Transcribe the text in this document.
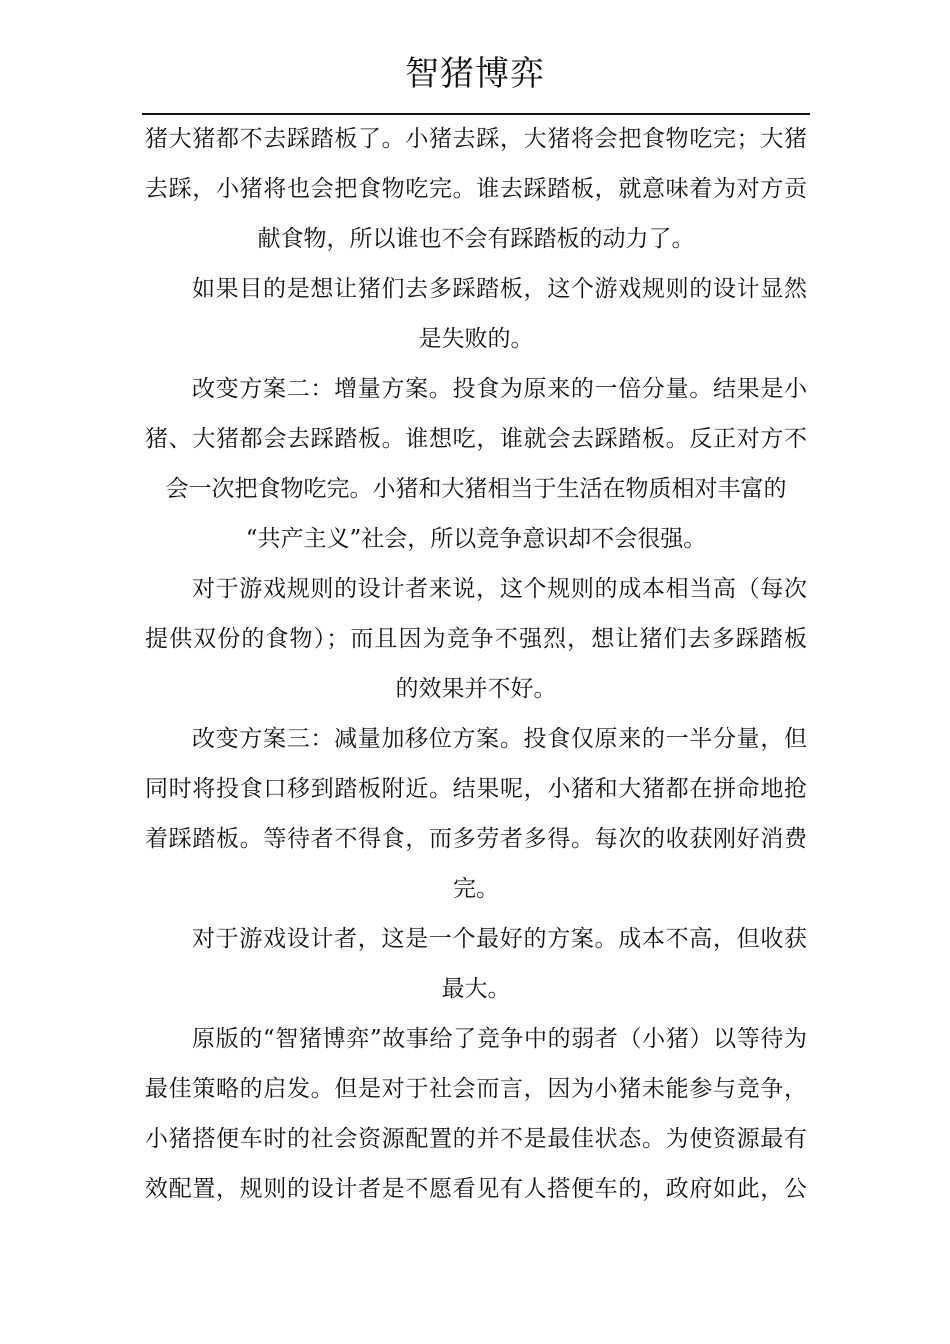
智猪博弈
猪大猪都不去踩踏板了。小猪去踩，大猪将会把食物吃完；大猪
去踩，小猪将也会把食物吃完。谁去踩踏板，就意味着为对方贡
献食物，所以谁也不会有踩踏板的动力了。
如果目的是想让猪们去多踩踏板，这个游戏规则的设计显然
是失败的。
改变方案二：增量方案。投食为原来的一倍分量。结果是小
猪、大猪都会去踩踏板。谁想吃，谁就会去踩踏板。反正对方不
会一次把食物吃完。小猪和大猪相当于生活在物质相对丰富的
“共产主义”社会，所以竞争意识却不会很强。
对于游戏规则的设计者来说，这个规则的成本相当高（每次
提供双份的食物）；而且因为竞争不强烈，想让猪们去多踩踏板
的效果并不好。
改变方案三：减量加移位方案。投食仅原来的一半分量，但
同时将投食口移到踏板附近。结果呢，小猪和大猪都在拼命地抢
着踩踏板。等待者不得食，而多劳者多得。每次的收获刚好消费
完。
对于游戏设计者，这是一个最好的方案。成本不高，但收获
最大。
原版的“智猪博弈”故事给了竞争中的弱者（小猪）以等待为
最佳策略的启发。但是对于社会而言，因为小猪未能参与竞争，
小猪搭便车时的社会资源配置的并不是最佳状态。为使资源最有
效配置，规则的设计者是不愿看见有人搭便车的，政府如此，公
